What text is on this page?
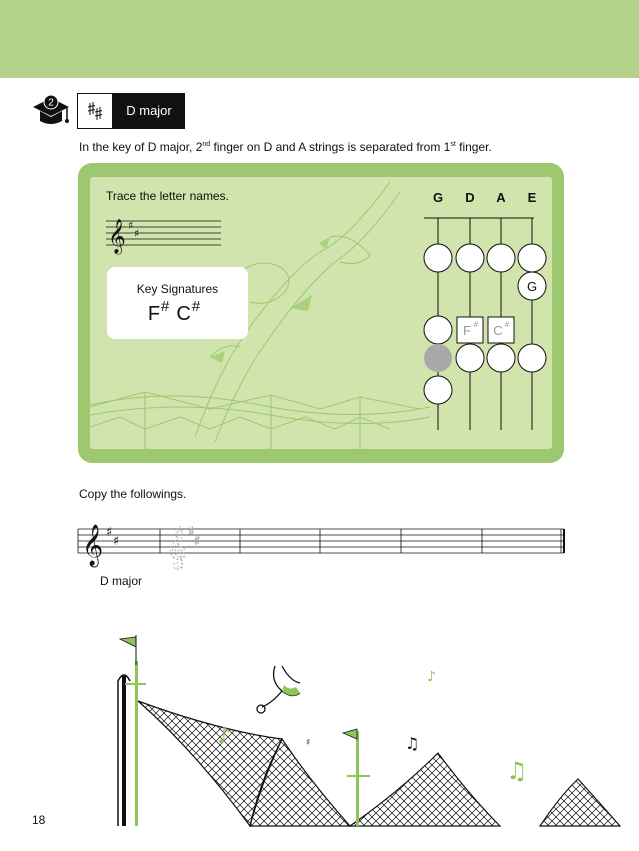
2	D major
In the key of D major, 2nd finger on D and A strings is separated from 1st finger.
Trace the letter names.
𝄞 ♯
♯
Key Signatures
F# C#
G	D	A	E
G
F # C #
Copy the followings.
𝄞 ♯
♯ 𝄞 ♯
♯
D major
♪
♪	♯	♫
♫
18
